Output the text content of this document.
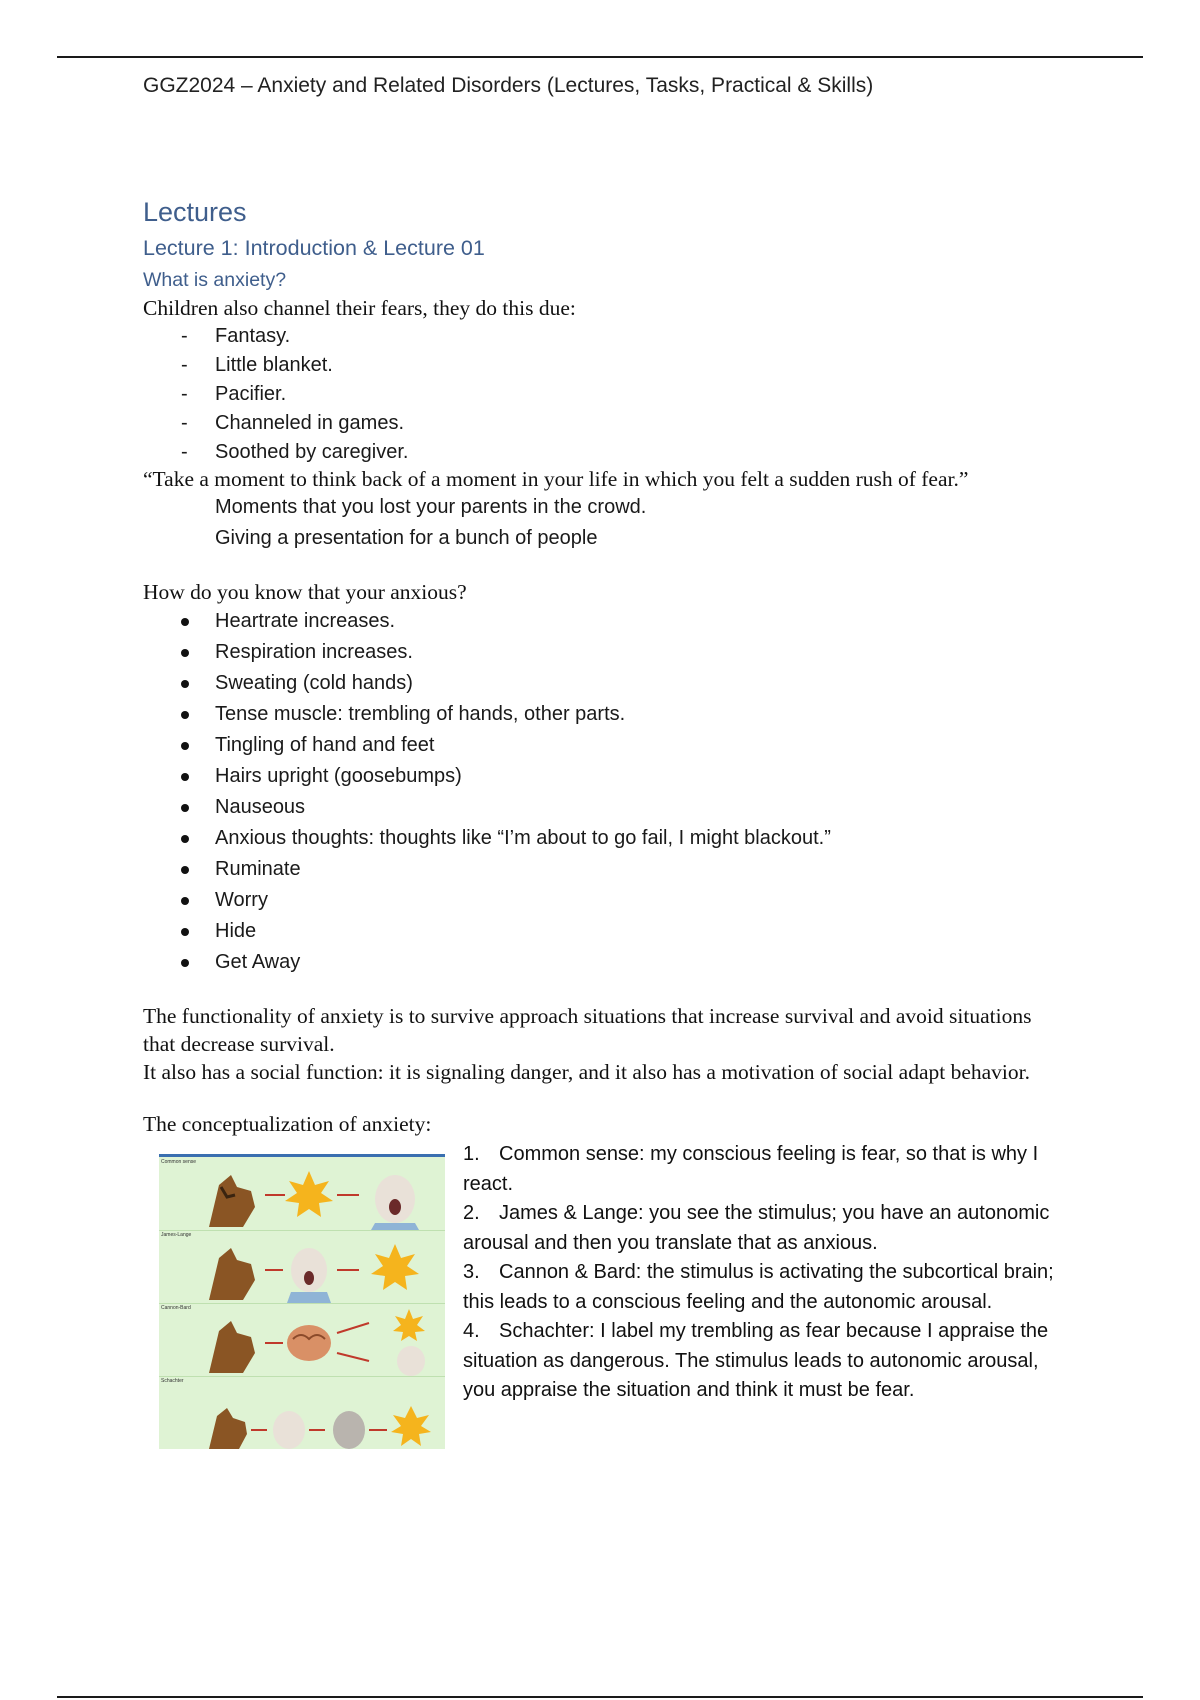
GGZ2024 – Anxiety and Related Disorders (Lectures, Tasks, Practical & Skills)

Lectures
Lecture 1: Introduction & Lecture 01
What is anxiety?

Children also channel their fears, they do this due:

- Fantasy.
- Little blanket.
- Pacifier.
- Channeled in games.
- Soothed by caregiver.

“Take a moment to think back of a moment in your life in which you felt a sudden rush of fear.”

Moments that you lost your parents in the crowd.
Giving a presentation for a bunch of people

How do you know that your anxious?

Heartrate increases.
Respiration increases.
Sweating (cold hands)
Tense muscle: trembling of hands, other parts.
Tingling of hand and feet
Hairs upright (goosebumps)
Nauseous
Anxious thoughts: thoughts like “I’m about to go fail, I might blackout.”
Ruminate
Worry
Hide
Get Away

The functionality of anxiety is to survive approach situations that increase survival and avoid situations that decrease survival.

It also has a social function: it is signaling danger, and it also has a motivation of social adapt behavior.

The conceptualization of anxiety:

Common sense
James-Lange
Cannon-Bard
Schachter
1. Common sense: my conscious feeling is fear, so that is why I react.
2. James & Lange: you see the stimulus; you have an autonomic arousal and then you translate that as anxious.
3. Cannon & Bard: the stimulus is activating the subcortical brain; this leads to a conscious feeling and the autonomic arousal.
4. Schachter: I label my trembling as fear because I appraise the situation as dangerous. The stimulus leads to autonomic arousal, you appraise the situation and think it must be fear.
